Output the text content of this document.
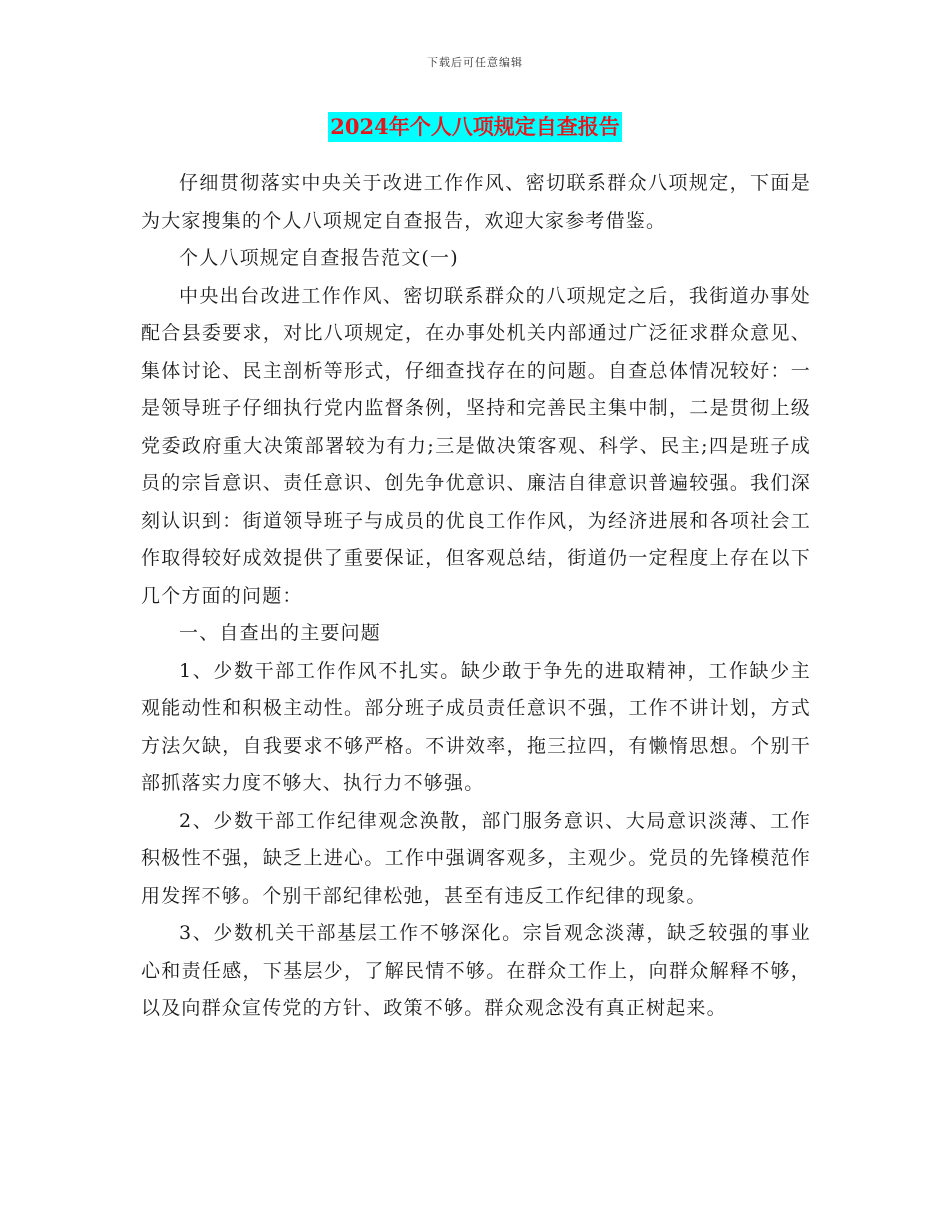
下载后可任意编辑
2024年个人八项规定自查报告

仔细贯彻落实中央关于改进工作作风、密切联系群众八项规定，下面是为大家搜集的个人八项规定自查报告，欢迎大家参考借鉴。

个人八项规定自查报告范文(一)

中央出台改进工作作风、密切联系群众的八项规定之后，我街道办事处配合县委要求，对比八项规定，在办事处机关内部通过广泛征求群众意见、集体讨论、民主剖析等形式，仔细查找存在的问题。自查总体情况较好：一是领导班子仔细执行党内监督条例，坚持和完善民主集中制，二是贯彻上级党委政府重大决策部署较为有力;三是做决策客观、科学、民主;四是班子成员的宗旨意识、责任意识、创先争优意识、廉洁自律意识普遍较强。我们深刻认识到：街道领导班子与成员的优良工作作风，为经济进展和各项社会工作取得较好成效提供了重要保证，但客观总结，街道仍一定程度上存在以下几个方面的问题：

一、自查出的主要问题

1、少数干部工作作风不扎实。缺少敢于争先的进取精神，工作缺少主观能动性和积极主动性。部分班子成员责任意识不强，工作不讲计划，方式方法欠缺，自我要求不够严格。不讲效率，拖三拉四，有懒惰思想。个别干部抓落实力度不够大、执行力不够强。

2、少数干部工作纪律观念涣散，部门服务意识、大局意识淡薄、工作积极性不强，缺乏上进心。工作中强调客观多，主观少。党员的先锋模范作用发挥不够。个别干部纪律松弛，甚至有违反工作纪律的现象。

3、少数机关干部基层工作不够深化。宗旨观念淡薄，缺乏较强的事业心和责任感，下基层少，了解民情不够。在群众工作上，向群众解释不够，以及向群众宣传党的方针、政策不够。群众观念没有真正树起来。
